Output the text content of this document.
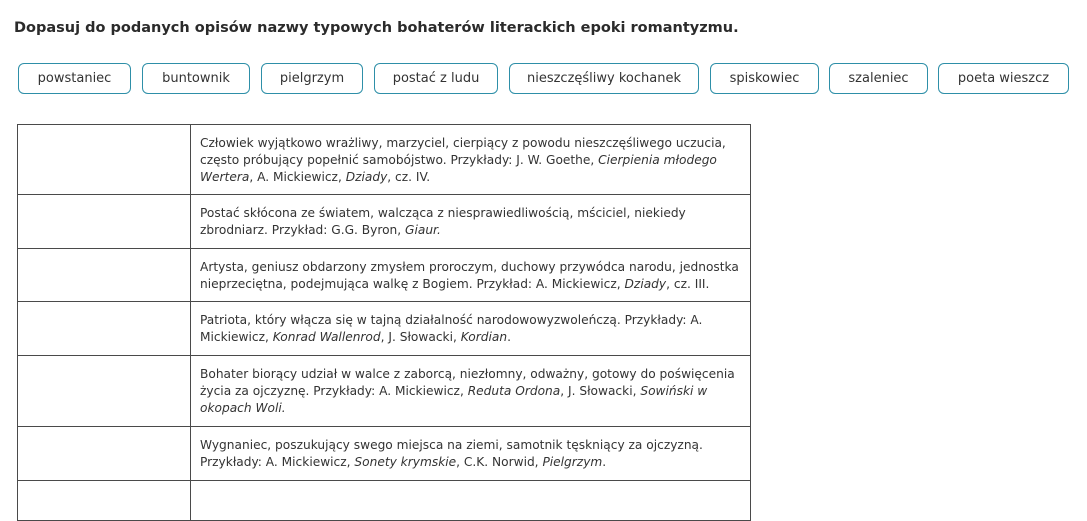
Dopasuj do podanych opisów nazwy typowych bohaterów literackich epoki romantyzmu.
powstaniec	buntownik	pielgrzym	postać z ludu	nieszczęśliwy kochanek	spiskowiec	szaleniec	poeta wieszcz
	Człowiek wyjątkowo wrażliwy, marzyciel, cierpiący z powodu nieszczęśliwego uczucia, często próbujący popełnić samobójstwo. Przykłady: J. W. Goethe, Cierpienia młodego Wertera, A. Mickiewicz, Dziady, cz. IV.
	Postać skłócona ze światem, walcząca z niesprawiedliwością, mściciel, niekiedy zbrodniarz. Przykład: G.G. Byron, Giaur.
	Artysta, geniusz obdarzony zmysłem proroczym, duchowy przywódca narodu, jednostka nieprzeciętna, podejmująca walkę z Bogiem. Przykład: A. Mickiewicz, Dziady, cz. III.
	Patriota, który włącza się w tajną działalność narodowowyzwoleńczą. Przykłady: A. Mickiewicz, Konrad Wallenrod, J. Słowacki, Kordian.
	Bohater biorący udział w walce z zaborcą, niezłomny, odważny, gotowy do poświęcenia życia za ojczyznę. Przykłady: A. Mickiewicz, Reduta Ordona, J. Słowacki, Sowiński w okopach Woli.
	Wygnaniec, poszukujący swego miejsca na ziemi, samotnik tęskniący za ojczyzną. Przykłady: A. Mickiewicz, Sonety krymskie, C.K. Norwid, Pielgrzym.
